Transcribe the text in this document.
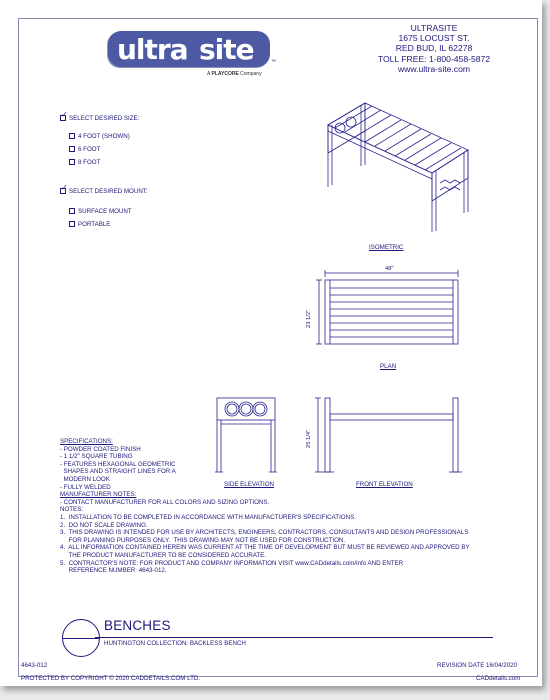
ultra site	™
A PLAYCORE Company
ULTRASITE
1675 LOCUST ST.
RED BUD, IL 62278
TOLL FREE: 1-800-458-5872
www.ultra-site.com
✓SELECT DESIRED SIZE:
4 FOOT (SHOWN)
6 FOOT
8 FOOT
✓SELECT DESIRED MOUNT:
SURFACE MOUNT
PORTABLE
ISOMETRIC
PLAN
SIDE ELEVATION	FRONT ELEVATION
48"
23 1/2"
25 1/4"
SPECIFICATIONS:
- POWDER COATED FINISH
- 1 1/2" SQUARE TUBING
- FEATURES HEXAGONAL GEOMETRIC
SHAPES AND STRAIGHT LINES FOR A
MODERN LOOK
- FULLY WELDED
MANUFACTURER NOTES:
- CONTACT MANUFACTURER FOR ALL COLORS AND SIZING OPTIONS.
NOTES:
1.  INSTALLATION TO BE COMPLETED IN ACCORDANCE WITH MANUFACTURER'S SPECIFICATIONS.
2.  DO NOT SCALE DRAWING.
3.  THIS DRAWING IS INTENDED FOR USE BY ARCHITECTS, ENGINEERS, CONTRACTORS, CONSULTANTS AND DESIGN PROFESSIONALS
FOR PLANNING PURPOSES ONLY.  THIS DRAWING MAY NOT BE USED FOR CONSTRUCTION.
4.  ALL INFORMATION CONTAINED HEREIN WAS CURRENT AT THE TIME OF DEVELOPMENT BUT MUST BE REVIEWED AND APPROVED BY
THE PRODUCT MANUFACTURER TO BE CONSIDERED ACCURATE.
5.  CONTRACTOR'S NOTE: FOR PRODUCT AND COMPANY INFORMATION VISIT www.CADdetails.com/info AND ENTER
REFERENCE NUMBER  4643-012.
BENCHES
HUNTINGTON COLLECTION: BACKLESS BENCH
4643-012	REVISION DATE 16/04/2020
PROTECTED BY COPYRIGHT © 2020 CADDETAILS.COM LTD.	CADdetails.com
